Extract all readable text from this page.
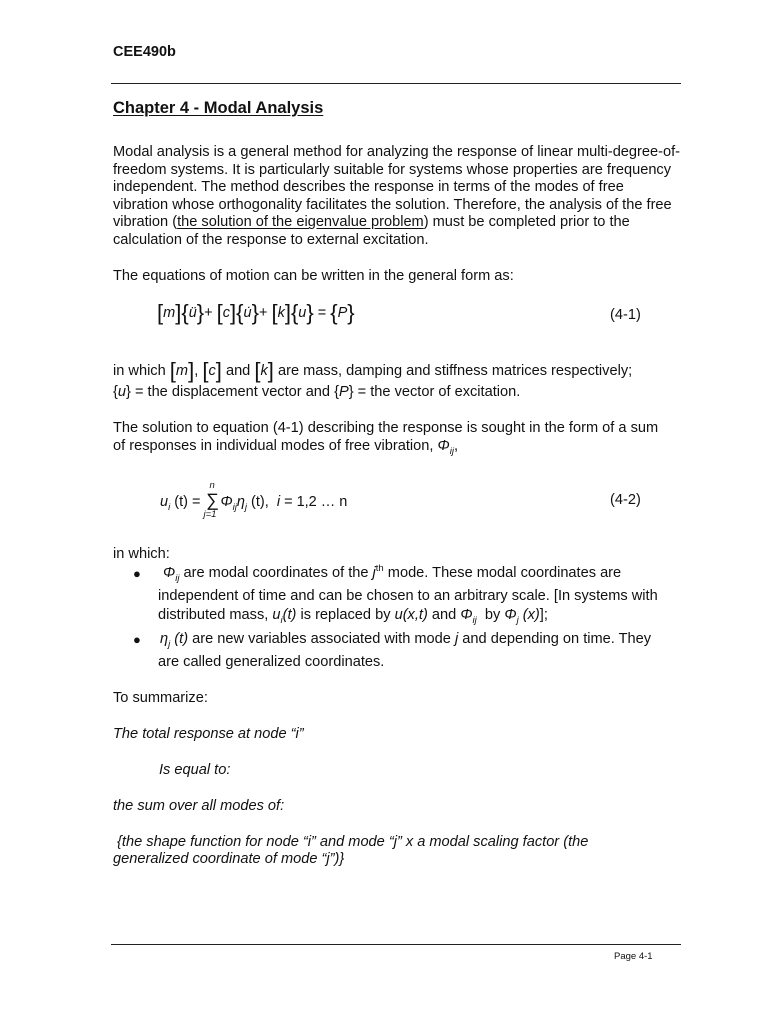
CEE490b
Chapter 4 - Modal Analysis
Modal analysis is a general method for analyzing the response of linear multi-degree-of-freedom systems. It is particularly suitable for systems whose properties are frequency independent. The method describes the response in terms of the modes of free vibration whose orthogonality facilitates the solution. Therefore, the analysis of the free vibration (the solution of the eigenvalue problem) must be completed prior to the calculation of the response to external excitation.
The equations of motion can be written in the general form as:
[m]{ü}+ [c]{u̇}+ [k]{u} = {P}	(4-1)
in which [m], [c] and [k] are mass, damping and stiffness matrices respectively;
{u} = the displacement vector and {P} = the vector of excitation.
The solution to equation (4-1) describing the response is sought in the form of a sum
of responses in individual modes of free vibration, $\Phi_{ij}$,
$u_i$ (t) = ∑
n
j=1
$\Phi_{ij}\eta_j$ (t), i = 1,2 … n	(4-2)
in which:
● $\Phi_{ij}$ are modal coordinates of the $j^{th}$ mode. These modal coordinates are
independent of time and can be chosen to an arbitrary scale. [In systems with
distributed mass, $u_i(t)$ is replaced by u(x,t) and $\Phi_{ij}$ by $\Phi_j$ (x)];
● $\eta_j$ (t) are new variables associated with mode j and depending on time. They
are called generalized coordinates.
To summarize:
The total response at node “i”
Is equal to:
the sum over all modes of:
{the shape function for node “i” and mode “j” x a modal scaling factor (the
generalized coordinate of mode “j”)}
Page 4-1
